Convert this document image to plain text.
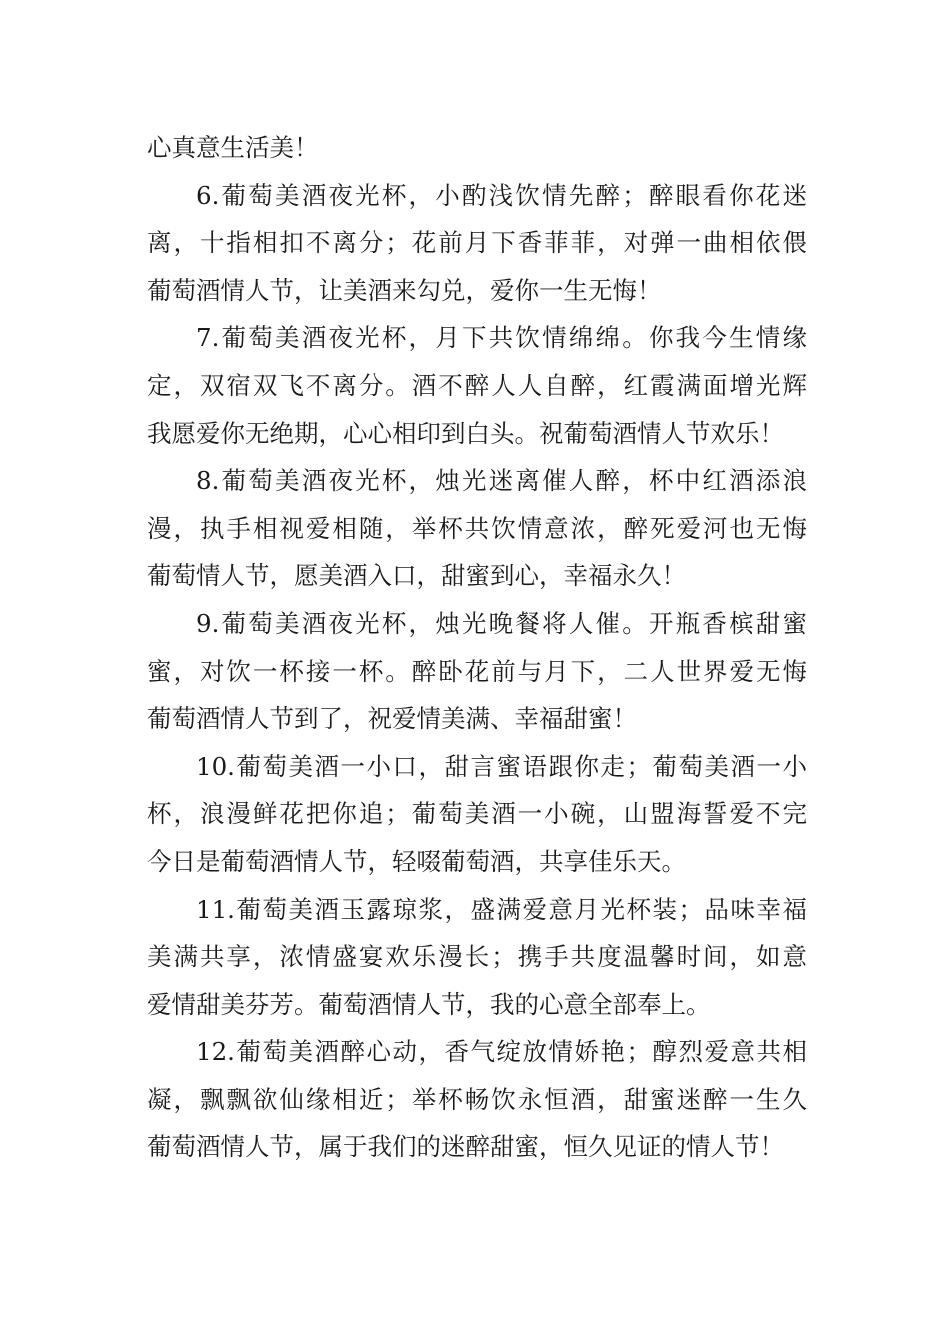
心真意生活美！
6.葡萄美酒夜光杯，小酌浅饮情先醉；醉眼看你花迷
离，十指相扣不离分；花前月下香菲菲，对弹一曲相依偎
葡萄酒情人节，让美酒来勾兑，爱你一生无悔！
7.葡萄美酒夜光杯，月下共饮情绵绵。你我今生情缘
定，双宿双飞不离分。酒不醉人人自醉，红霞满面增光辉
我愿爱你无绝期，心心相印到白头。祝葡萄酒情人节欢乐！
8.葡萄美酒夜光杯，烛光迷离催人醉，杯中红酒添浪
漫，执手相视爱相随，举杯共饮情意浓，醉死爱河也无悔
葡萄情人节，愿美酒入口，甜蜜到心，幸福永久！
9.葡萄美酒夜光杯，烛光晚餐将人催。开瓶香槟甜蜜
蜜，对饮一杯接一杯。醉卧花前与月下，二人世界爱无悔
葡萄酒情人节到了，祝爱情美满、幸福甜蜜！
10.葡萄美酒一小口，甜言蜜语跟你走；葡萄美酒一小
杯，浪漫鲜花把你追；葡萄美酒一小碗，山盟海誓爱不完
今日是葡萄酒情人节，轻啜葡萄酒，共享佳乐天。
11.葡萄美酒玉露琼浆，盛满爱意月光杯装；品味幸福
美满共享，浓情盛宴欢乐漫长；携手共度温馨时间，如意
爱情甜美芬芳。葡萄酒情人节，我的心意全部奉上。
12.葡萄美酒醉心动，香气绽放情娇艳；醇烈爱意共相
凝，飘飘欲仙缘相近；举杯畅饮永恒酒，甜蜜迷醉一生久
葡萄酒情人节，属于我们的迷醉甜蜜，恒久见证的情人节！
